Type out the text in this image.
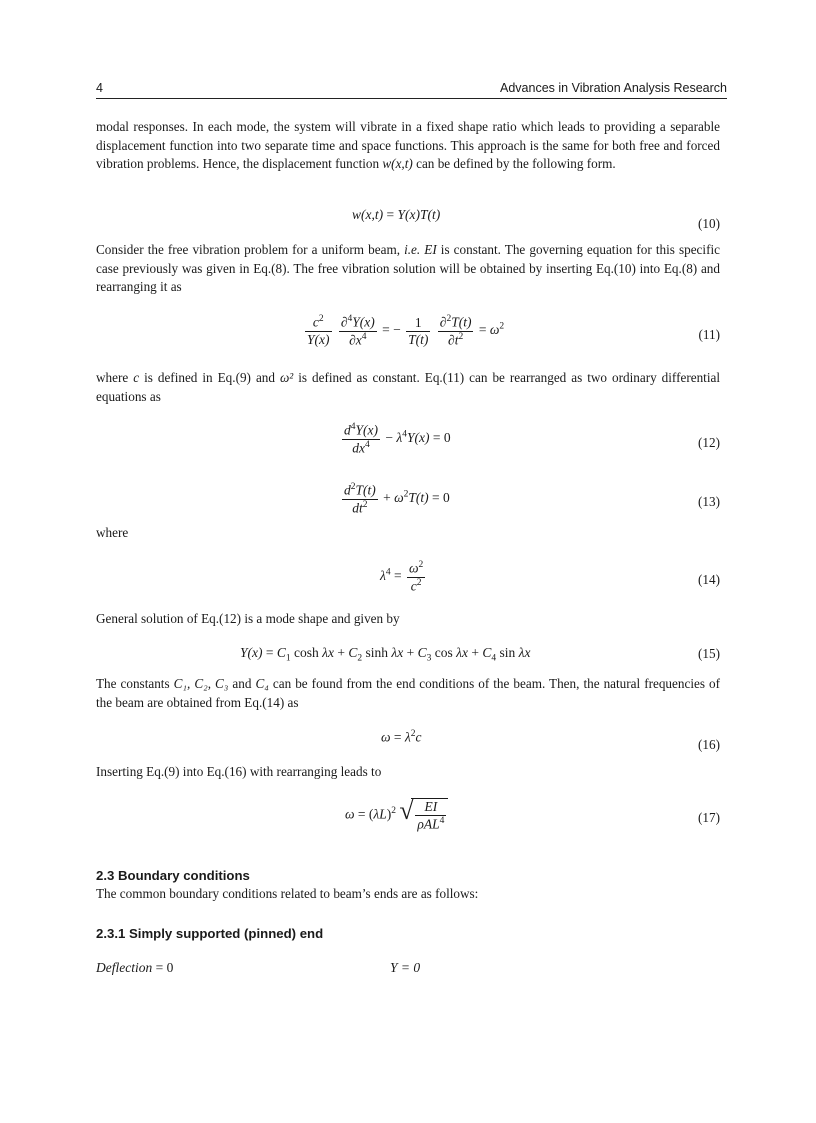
4	Advances in Vibration Analysis Research
modal responses. In each mode, the system will vibrate in a fixed shape ratio which leads to providing a separable displacement function into two separate time and space functions. This approach is the same for both free and forced vibration problems. Hence, the displacement function w(x,t) can be defined by the following form.
w(x,t) = Y(x)T(t)
(10)
Consider the free vibration problem for a uniform beam, i.e. EI is constant. The governing equation for this specific case previously was given in Eq.(8). The free vibration solution will be obtained by inserting Eq.(10) into Eq.(8) and rearranging it as
$\frac{c^2}{Y(x)}$
$\frac{\partial^4Y(x)}{\partial x^4}$ = − $\frac{1}{T(t)}$
$\frac{\partial^2T(t)}{\partial t^2} = \omega^2$
(11)
where c is defined in Eq.(9) and ω² is defined as constant. Eq.(11) can be rearranged as two ordinary differential equations as
$\frac{d^4Y(x)}{dx^4} - \lambda^4Y(x) = 0$	(12)
$\frac{d^2T(t)}{dt^2} + \omega^2T(t) = 0$	(13)
where
$\lambda^4 = \frac{\omega^2}{c^2}$	(14)
General solution of Eq.(12) is a mode shape and given by
$Y(x) = C_1$ $\cosh \lambda x + C_2$ $\sinh \lambda x + C_3$ $\cos \lambda x + C_4$ sin λx	(15)
The constants C₁, C₂, C₃ and C₄ can be found from the end conditions of the beam. Then, the natural frequencies of the beam are obtained from Eq.(14) as
$\omega = \lambda^2c$	(16)
Inserting Eq.(9) into Eq.(16) with rearranging leads to
$\omega = (\lambda L)^2$ √ $\frac{EI}{\rho AL^4}$	(17)
2.3 Boundary conditions
The common boundary conditions related to beam’s ends are as follows:
2.3.1 Simply supported (pinned) end
Deflection = 0	Y = 0
